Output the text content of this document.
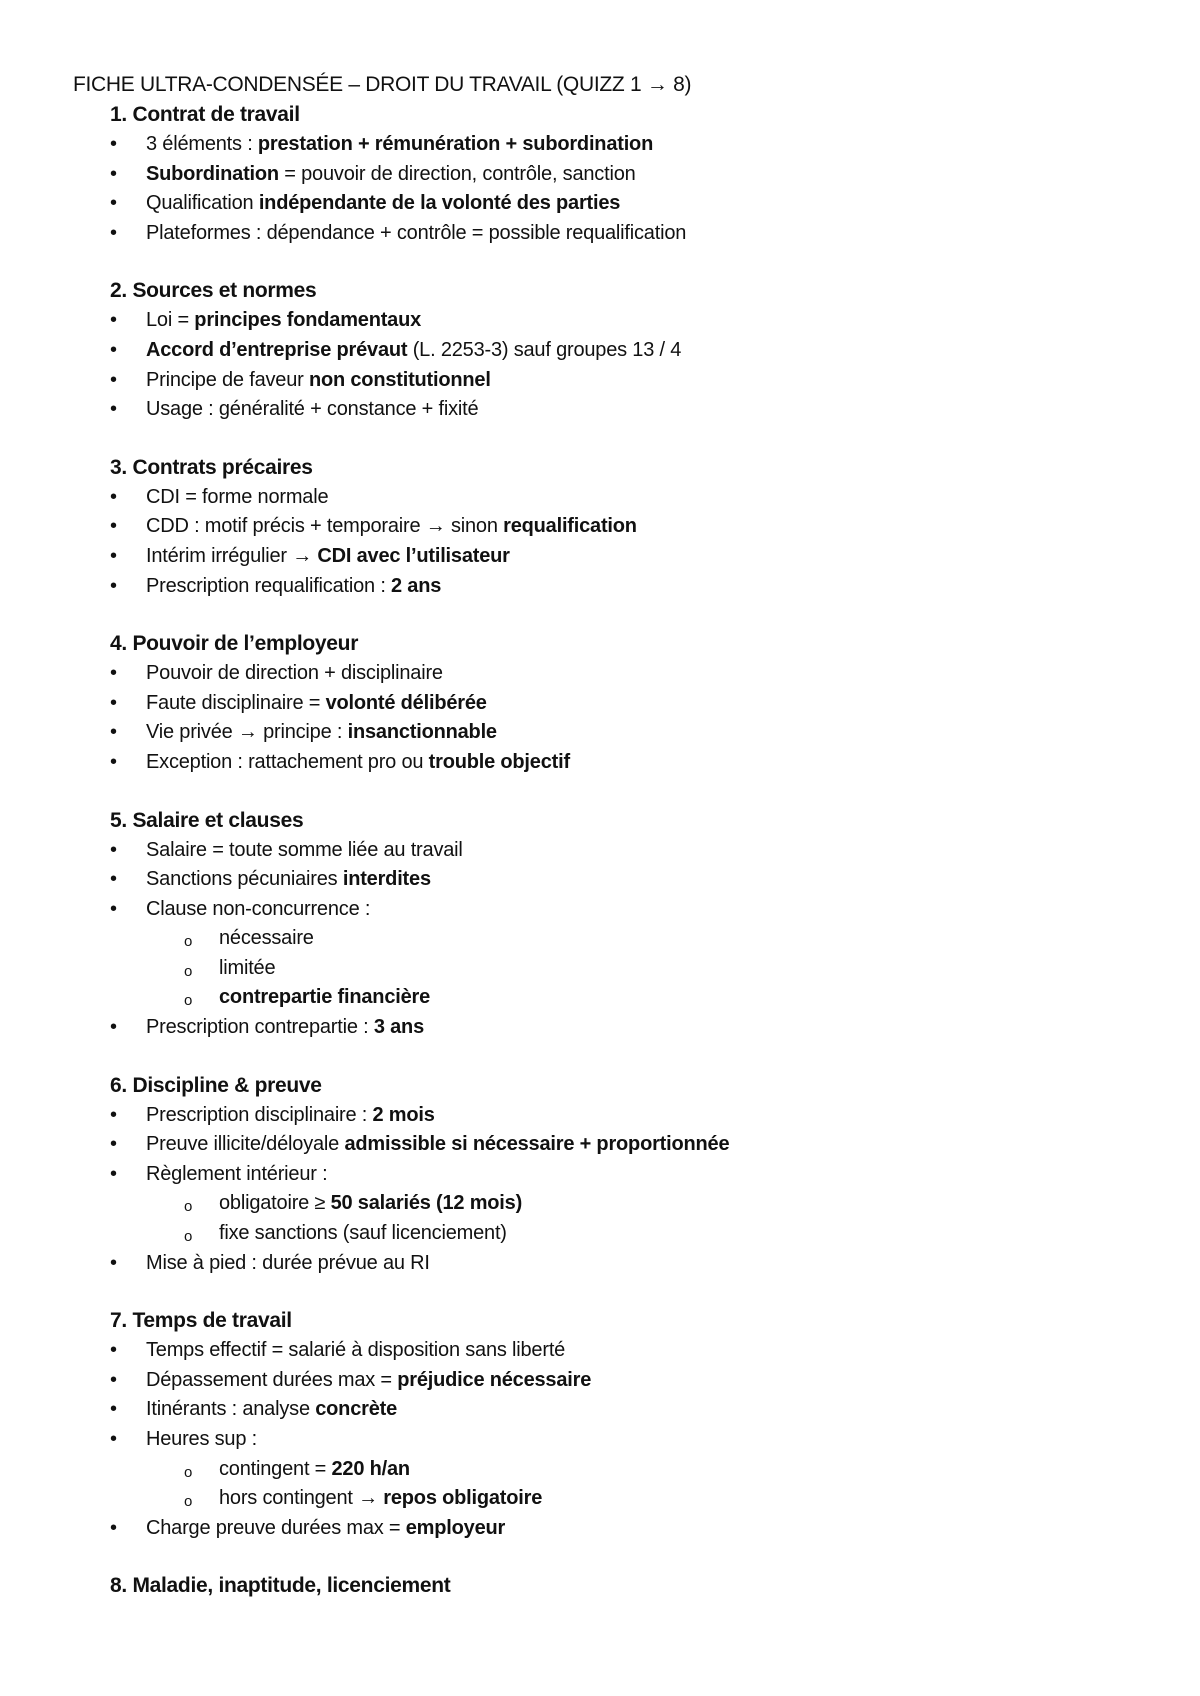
FICHE ULTRA-CONDENSÉE – DROIT DU TRAVAIL (QUIZZ 1 → 8)

1. Contrat de travail

• 3 éléments : prestation + rémunération + subordination
• Subordination = pouvoir de direction, contrôle, sanction
• Qualification indépendante de la volonté des parties
• Plateformes : dépendance + contrôle = possible requalification

2. Sources et normes

• Loi = principes fondamentaux
• Accord d’entreprise prévaut (L. 2253-3) sauf groupes 13 / 4
• Principe de faveur non constitutionnel
• Usage : généralité + constance + fixité

3. Contrats précaires

• CDI = forme normale
• CDD : motif précis + temporaire → sinon requalification
• Intérim irrégulier → CDI avec l’utilisateur
• Prescription requalification : 2 ans

4. Pouvoir de l’employeur

• Pouvoir de direction + disciplinaire
• Faute disciplinaire = volonté délibérée
• Vie privée → principe : insanctionnable
• Exception : rattachement pro ou trouble objectif

5. Salaire et clauses

• Salaire = toute somme liée au travail
• Sanctions pécuniaires interdites
• Clause non-concurrence :
o nécessaire
o limitée
o contrepartie financière
• Prescription contrepartie : 3 ans

6. Discipline & preuve

• Prescription disciplinaire : 2 mois
• Preuve illicite/déloyale admissible si nécessaire + proportionnée
• Règlement intérieur :
o obligatoire ≥ 50 salariés (12 mois)
o fixe sanctions (sauf licenciement)
• Mise à pied : durée prévue au RI

7. Temps de travail

• Temps effectif = salarié à disposition sans liberté
• Dépassement durées max = préjudice nécessaire
• Itinérants : analyse concrète
• Heures sup :
o contingent = 220 h/an
o hors contingent → repos obligatoire
• Charge preuve durées max = employeur

8. Maladie, inaptitude, licenciement
